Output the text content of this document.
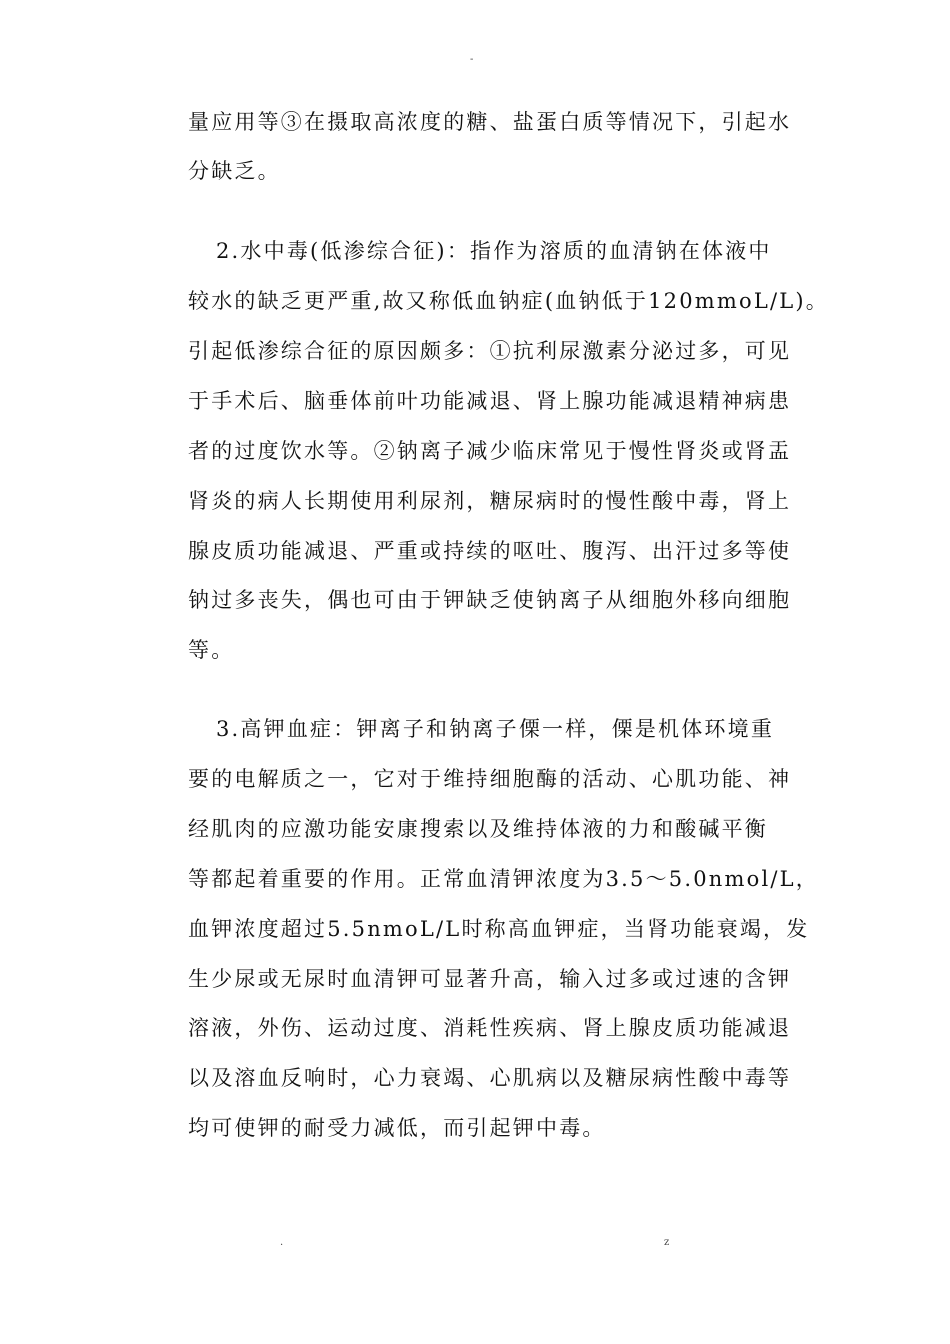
-
量应用等③在摄取高浓度的糖、盐蛋白质等情况下，引起水
分缺乏。
2.水中毒(低渗综合征)：指作为溶质的血清钠在体液中
较水的缺乏更严重,故又称低血钠症(血钠低于120mmoL/L)。
引起低渗综合征的原因颇多：①抗利尿激素分泌过多，可见
于手术后、脑垂体前叶功能减退、肾上腺功能减退精神病患
者的过度饮水等。②钠离子减少临床常见于慢性肾炎或肾盂
肾炎的病人长期使用利尿剂，糖尿病时的慢性酸中毒，肾上
腺皮质功能减退、严重或持续的呕吐、腹泻、出汗过多等使
钠过多丧失，偶也可由于钾缺乏使钠离子从细胞外移向细胞
等。
3.高钾血症：钾离子和钠离子傈一样，傈是机体环境重
要的电解质之一，它对于维持细胞酶的活动、心肌功能、神
经肌肉的应激功能安康搜索以及维持体液的力和酸碱平衡
等都起着重要的作用。正常血清钾浓度为3.5～5.0nmol/L，
血钾浓度超过5.5nmoL/L时称高血钾症，当肾功能衰竭，发
生少尿或无尿时血清钾可显著升高，输入过多或过速的含钾
溶液，外伤、运动过度、消耗性疾病、肾上腺皮质功能减退
以及溶血反响时，心力衰竭、心肌病以及糖尿病性酸中毒等
均可使钾的耐受力减低，而引起钾中毒。
.	z
